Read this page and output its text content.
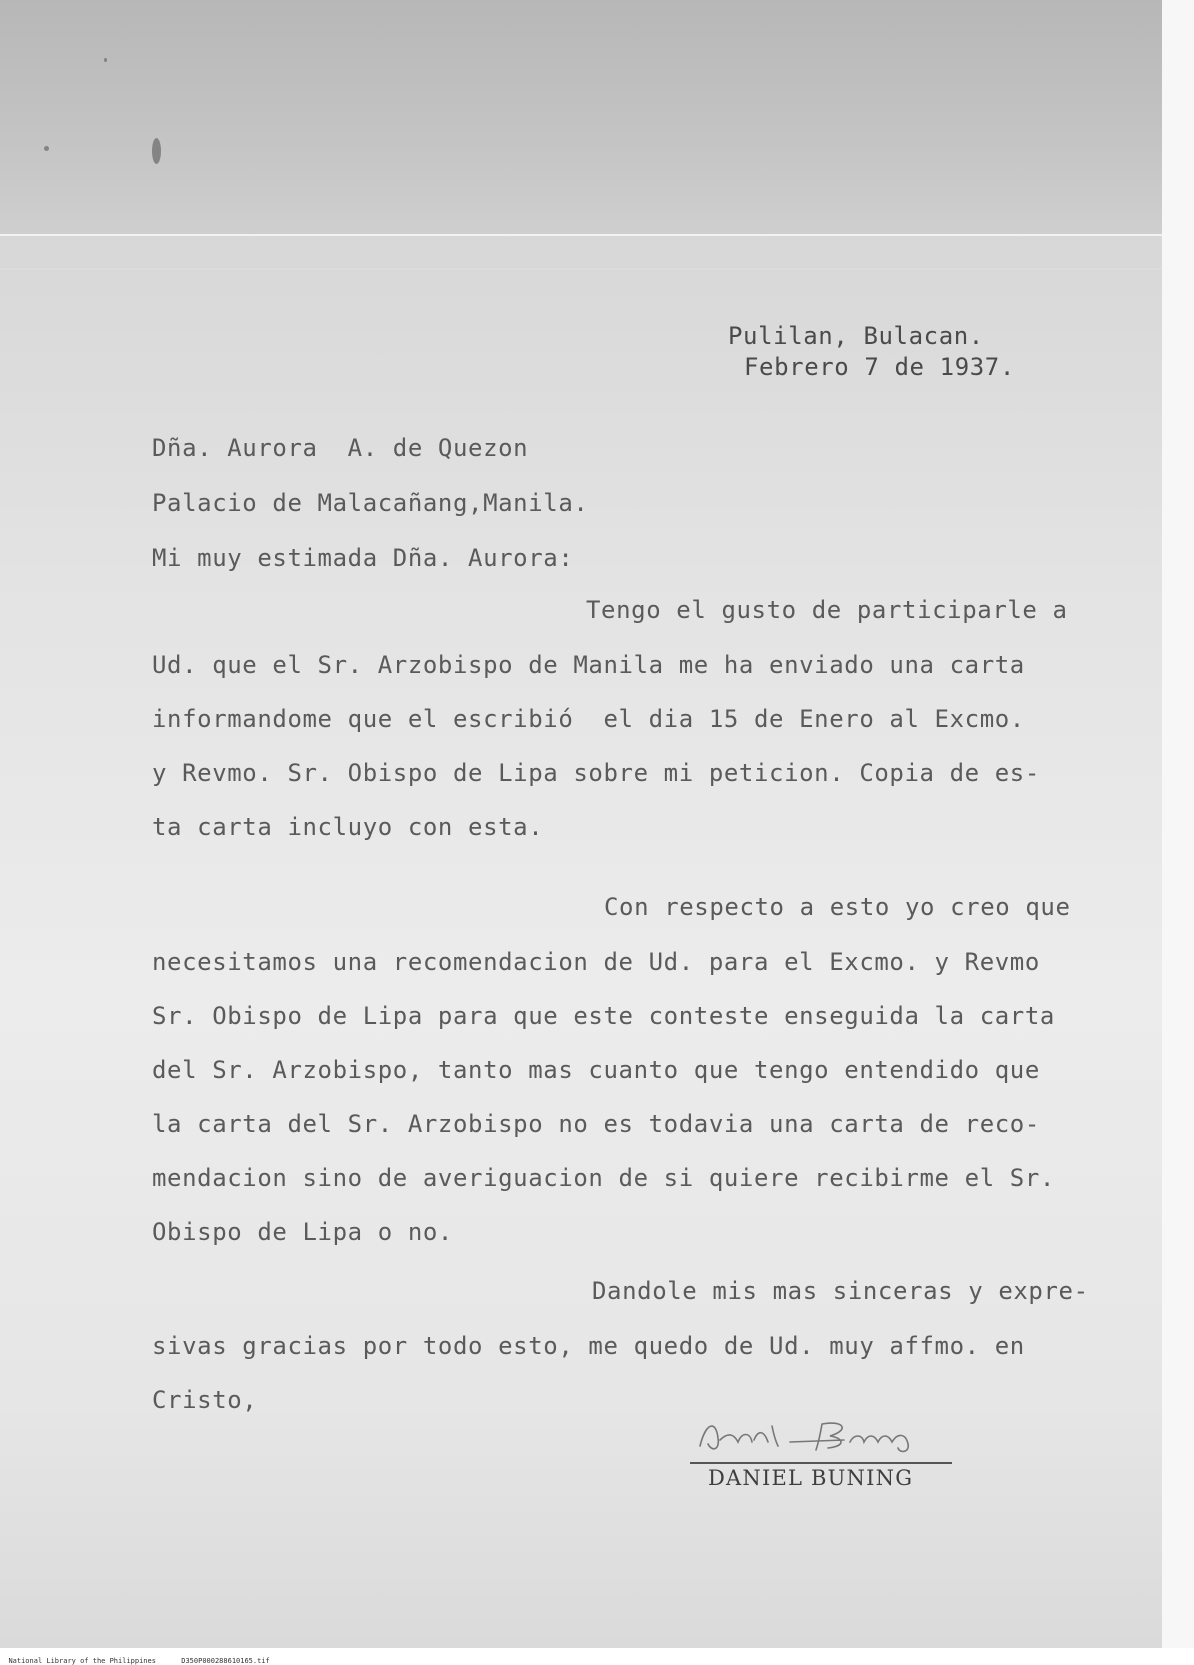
Pulilan, Bulacan.
Febrero 7 de 1937.
Dña. Aurora  A. de Quezon
Palacio de Malacañang,Manila.
Mi muy estimada Dña. Aurora:
Tengo el gusto de participarle a
Ud. que el Sr. Arzobispo de Manila me ha enviado una carta
informandome que el escribió  el dia 15 de Enero al Excmo.
y Revmo. Sr. Obispo de Lipa sobre mi peticion. Copia de es-
ta carta incluyo con esta.
Con respecto a esto yo creo que
necesitamos una recomendacion de Ud. para el Excmo. y Revmo
Sr. Obispo de Lipa para que este conteste enseguida la carta
del Sr. Arzobispo, tanto mas cuanto que tengo entendido que
la carta del Sr. Arzobispo no es todavia una carta de reco-
mendacion sino de averiguacion de si quiere recibirme el Sr.
Obispo de Lipa o no.
Dandole mis mas sinceras y expre-
sivas gracias por todo esto, me quedo de Ud. muy affmo. en
Cristo,
DANIEL BUNING

National Library of the Philippines	D350P000288610165.tif
